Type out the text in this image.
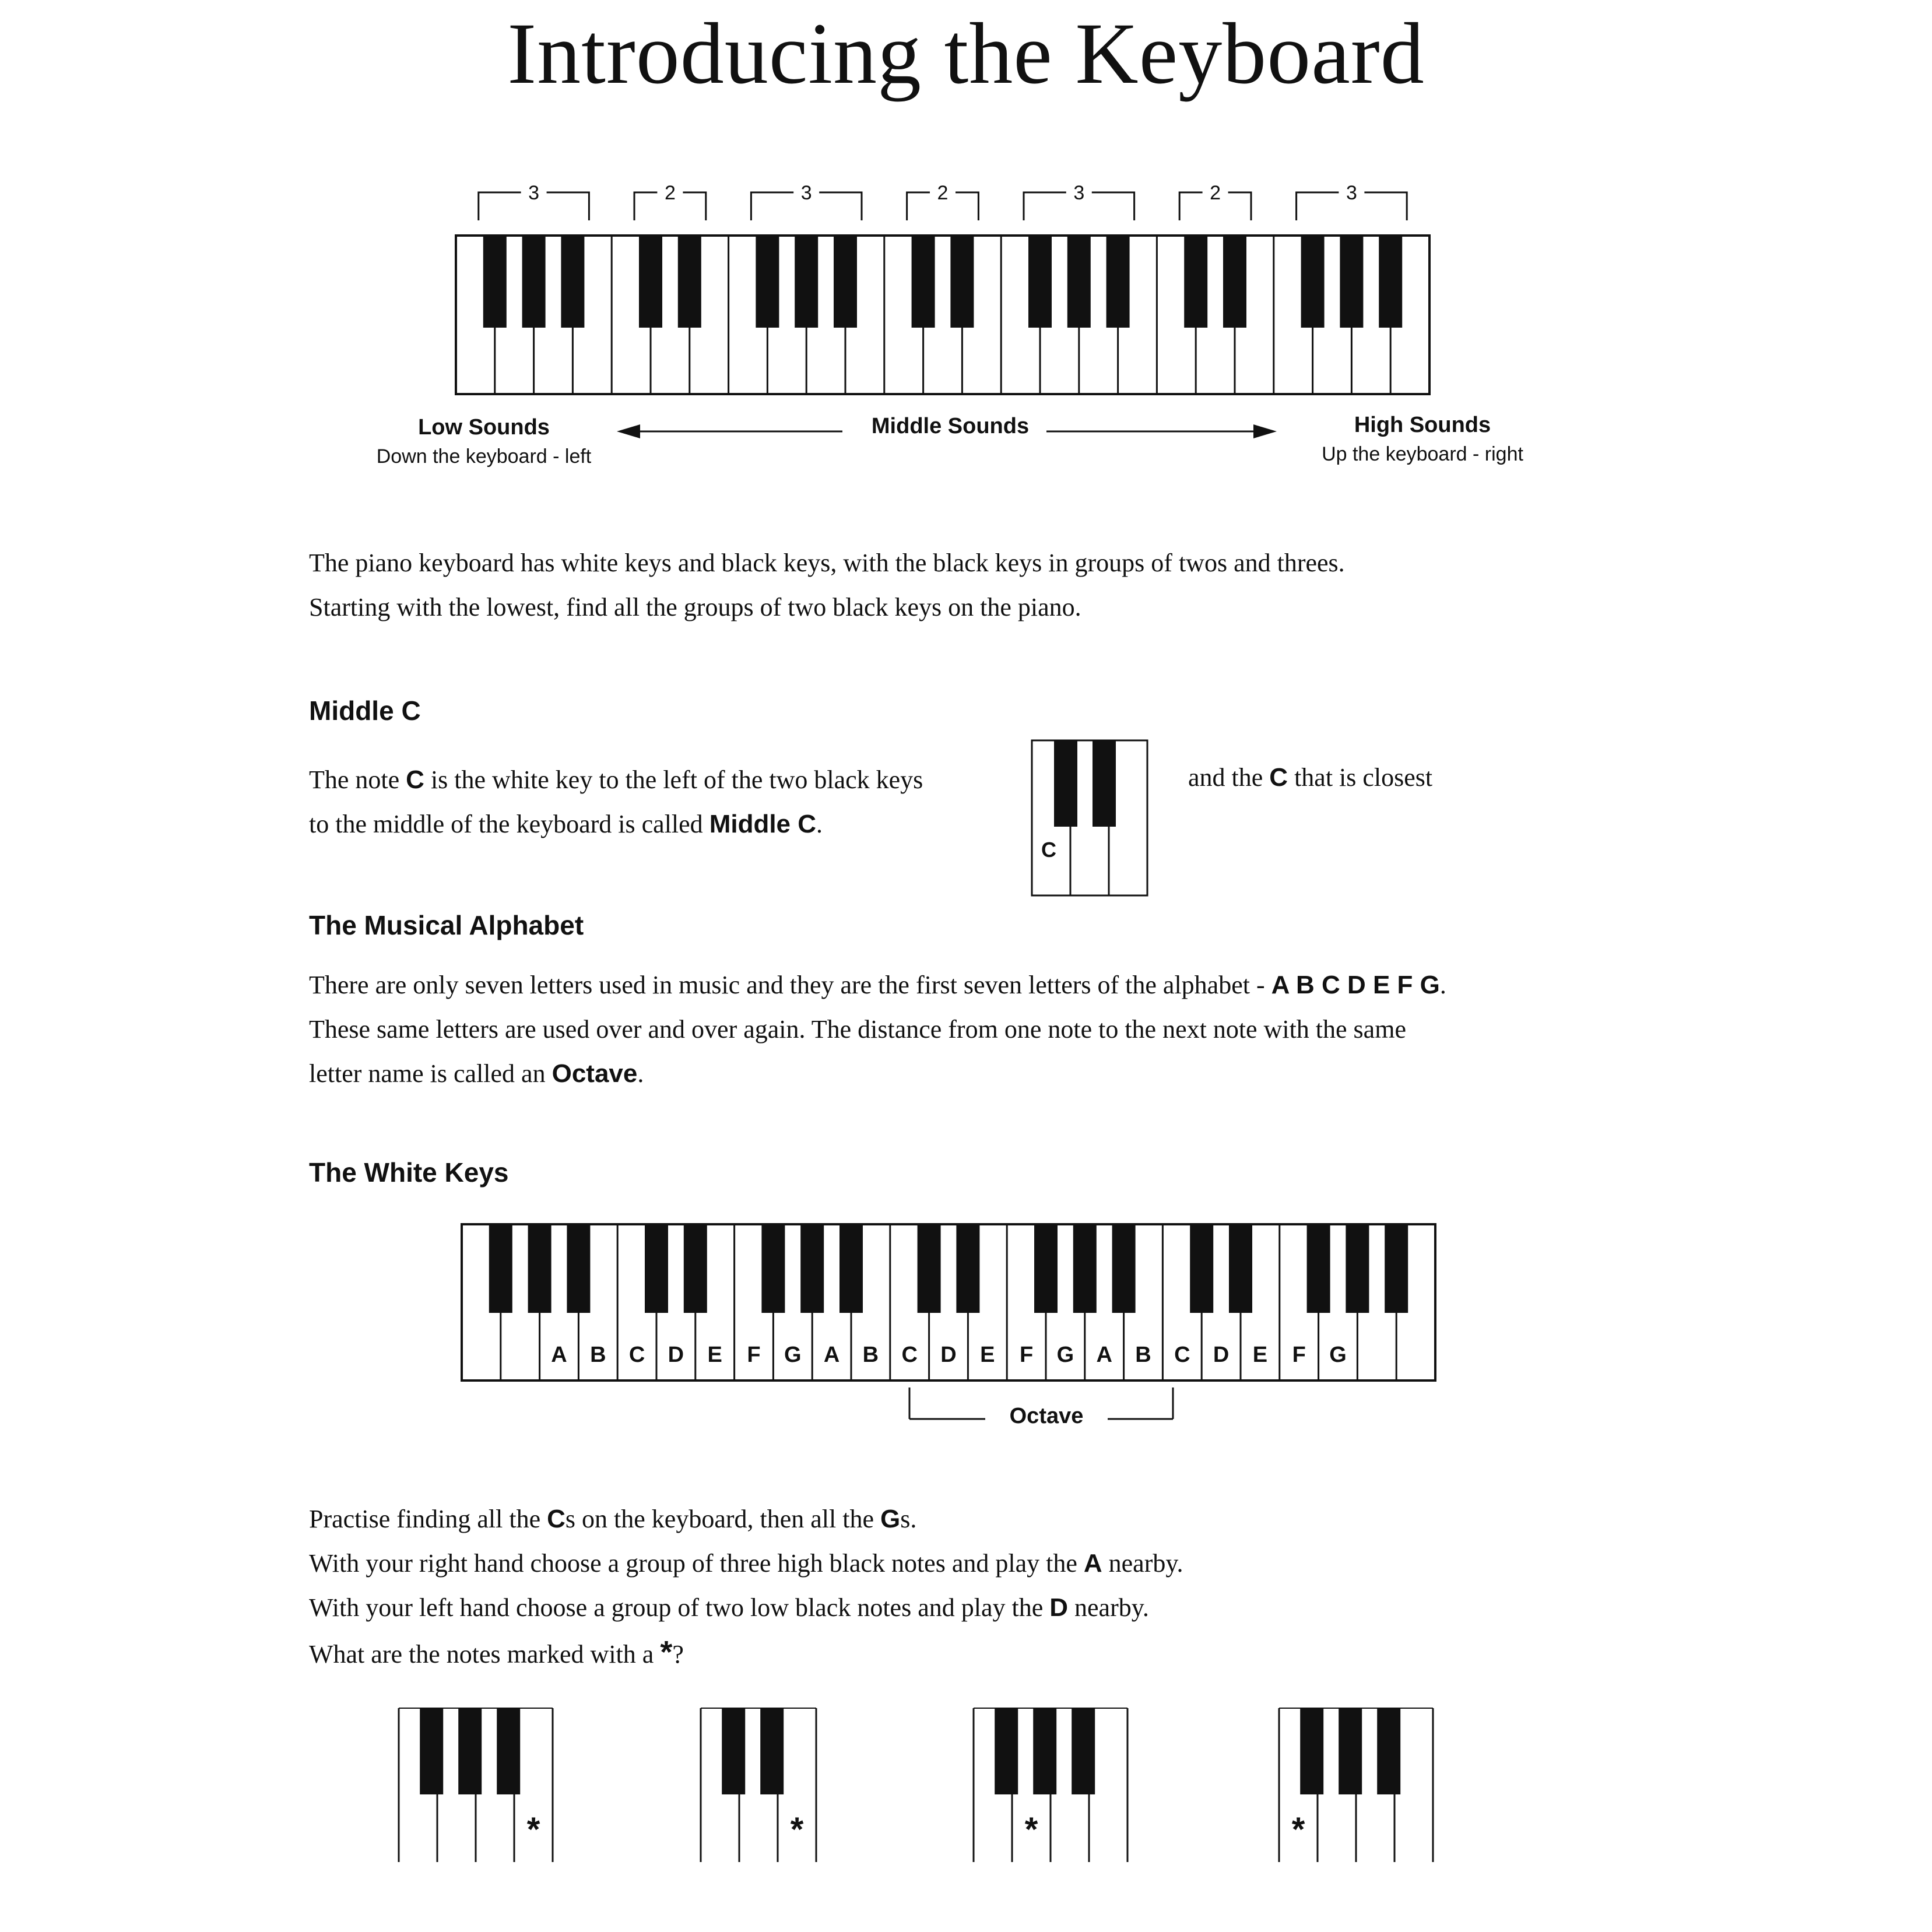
Introducing the Keyboard
3	2	3	2	3	2	3
Low Sounds
Down the keyboard - left
Middle Sounds	High Sounds
Up the keyboard - right
The piano keyboard has white keys and black keys, with the black keys in groups of twos and threes.
Starting with the lowest, find all the groups of two black keys on the piano.
Middle C
The note C is the white key to the left of the two black keys
to the middle of the keyboard is called Middle C.
C
and the C that is closest
The Musical Alphabet
There are only seven letters used in music and they are the first seven letters of the alphabet - A B C D E F G.
These same letters are used over and over again. The distance from one note to the next note with the same
letter name is called an Octave.
The White Keys
A B C D E F G A B C D E F G A B C D E F G
Octave
Practise finding all the Cs on the keyboard, then all the Gs.
With your right hand choose a group of three high black notes and play the A nearby.
With your left hand choose a group of two low black notes and play the D nearby.
What are the notes marked with a *?
*	*	*	*
